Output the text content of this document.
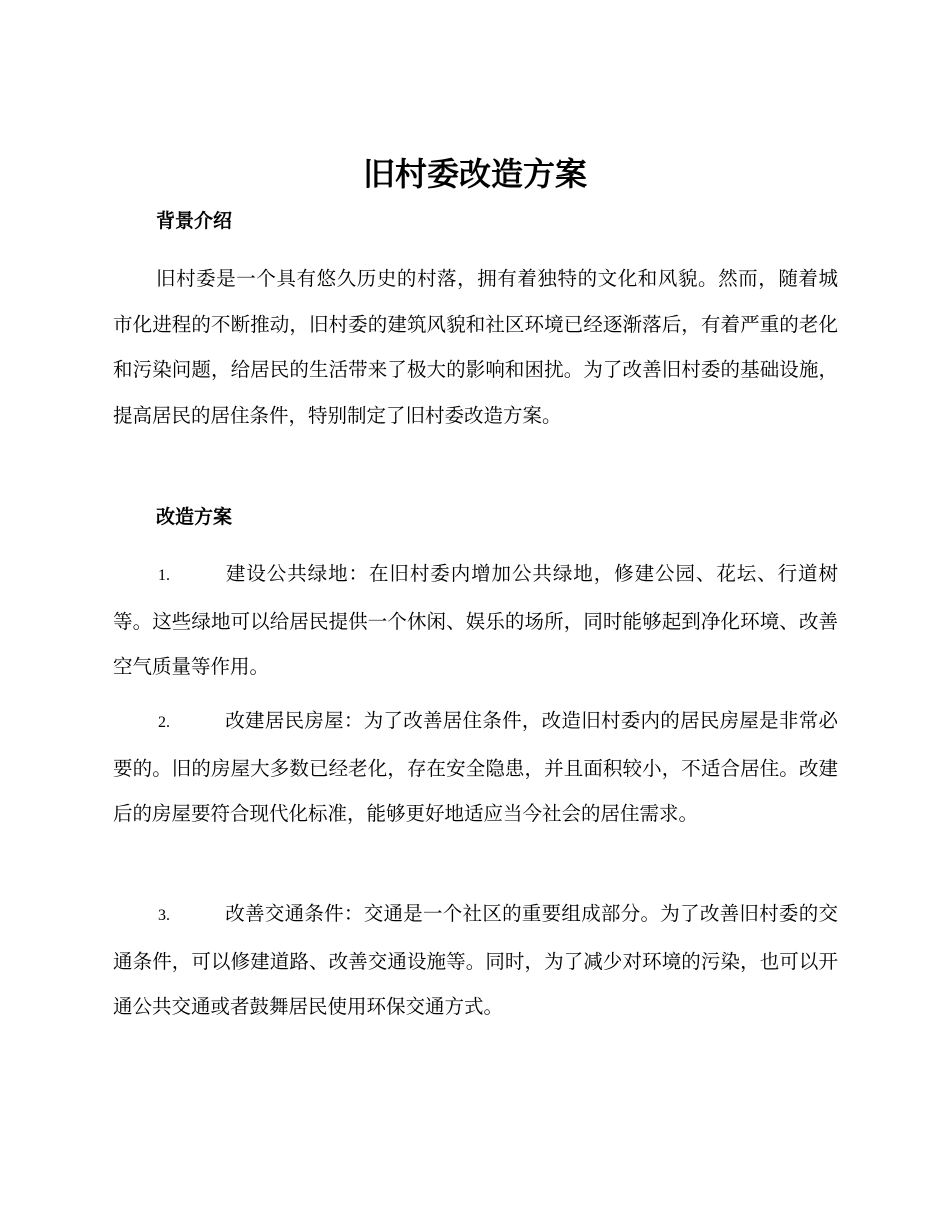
旧村委改造方案
背景介绍

旧村委是一个具有悠久历史的村落，拥有着独特的文化和风貌。然而，随着城市化进程的不断推动，旧村委的建筑风貌和社区环境已经逐渐落后，有着严重的老化和污染问题，给居民的生活带来了极大的影响和困扰。为了改善旧村委的基础设施，提高居民的居住条件，特别制定了旧村委改造方案。

改造方案
1.	建设公共绿地：在旧村委内增加公共绿地，修建公园、花坛、行道树等。这些绿地可以给居民提供一个休闲、娱乐的场所，同时能够起到净化环境、改善空气质量等作用。
2.	改建居民房屋：为了改善居住条件，改造旧村委内的居民房屋是非常必要的。旧的房屋大多数已经老化，存在安全隐患，并且面积较小，不适合居住。改建后的房屋要符合现代化标准，能够更好地适应当今社会的居住需求。
3.	改善交通条件：交通是一个社区的重要组成部分。为了改善旧村委的交通条件，可以修建道路、改善交通设施等。同时，为了减少对环境的污染，也可以开通公共交通或者鼓舞居民使用环保交通方式。
